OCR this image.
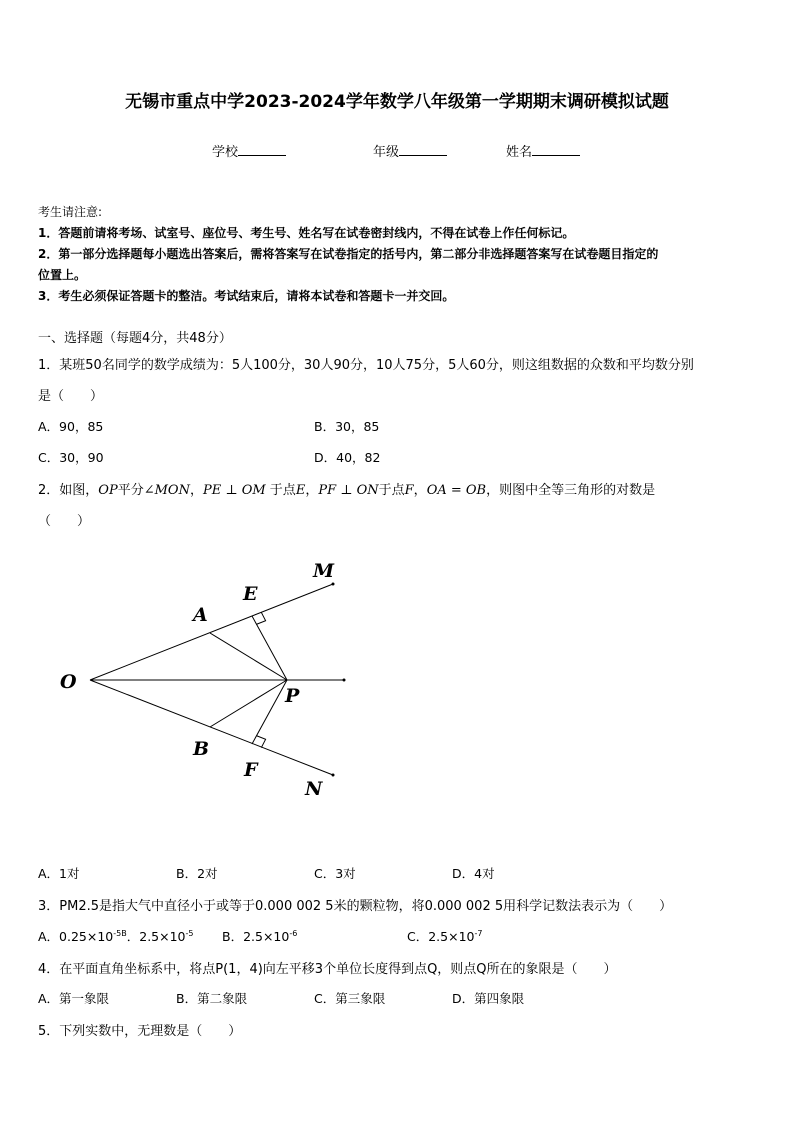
无锡市重点中学2023-2024学年数学八年级第一学期期末调研模拟试题
学校	年级	姓名
考生请注意:
1．答题前请将考场、试室号、座位号、考生号、姓名写在试卷密封线内，不得在试卷上作任何标记。
2．第一部分选择题每小题选出答案后，需将答案写在试卷指定的括号内，第二部分非选择题答案写在试卷题目指定的
位置上。
3．考生必须保证答题卡的整洁。考试结束后，请将本试卷和答题卡一并交回。
一、选择题（每题4分，共48分）
1．某班50名同学的数学成绩为：5人100分，30人90分，10人75分，5人60分，则这组数据的众数和平均数分别
是（　　）
A．90，85	B．30，85
C．30，90	D．40，82
2．如图，OP平分∠MON，PE ⊥ OM 于点E，PF ⊥ ON于点F，OA = OB，则图中全等三角形的对数是
（　　）
M
E
A
O
P
B
F
N
A．1对	B．2对	C．3对	D．4对
3．PM2.5是指大气中直径小于或等于0.000 002 5米的颗粒物，将0.000 002 5用科学记数法表示为（　　）
A．$0.25\times 10^{-5B}$．$2.5\times 10^{-5}$ B．$2.5\times 10^{-6}$	C．$2.5\times 10^{-7}$
4．在平面直角坐标系中，将点P(1，4)向左平移3个单位长度得到点Q，则点Q所在的象限是（　　）
A．第一象限	B．第二象限	C．第三象限	D．第四象限
5．下列实数中，无理数是（　　）
